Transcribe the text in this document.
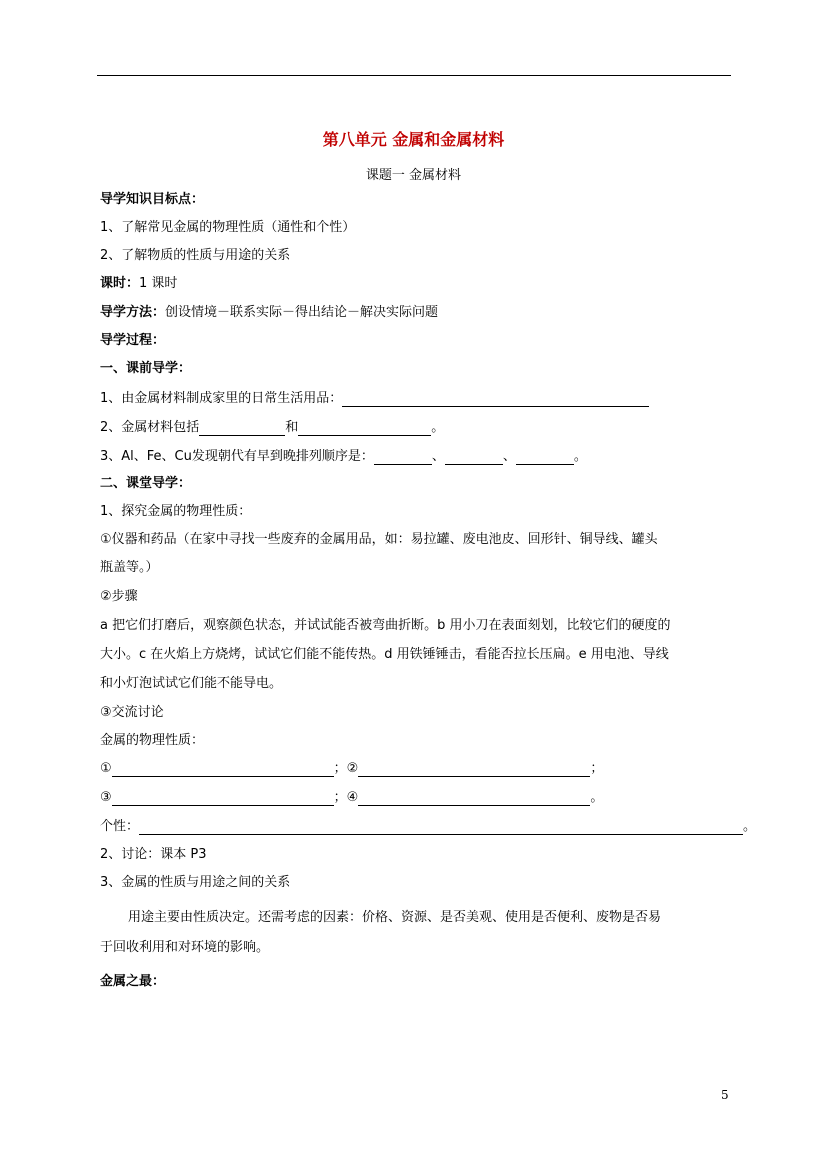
第八单元 金属和金属材料
课题一 金属材料
导学知识目标点：
1、了解常见金属的物理性质（通性和个性）
2、了解物质的性质与用途的关系
课时：1 课时
导学方法：创设情境－联系实际－得出结论－解决实际问题
导学过程：
一、课前导学：
1、由金属材料制成家里的日常生活用品：
2、金属材料包括	和	。
3、Al、Fe、Cu发现朝代有早到晚排列顺序是：	、	、	。
二、课堂导学：
1、探究金属的物理性质：
①仪器和药品（在家中寻找一些废弃的金属用品，如：易拉罐、废电池皮、回形针、铜导线、罐头
瓶盖等。）
②步骤
a 把它们打磨后，观察颜色状态，并试试能否被弯曲折断。b 用小刀在表面刻划，比较它们的硬度的
大小。c 在火焰上方烧烤，试试它们能不能传热。d 用铁锤锤击，看能否拉长压扁。e 用电池、导线
和小灯泡试试它们能不能导电。
③交流讨论
金属的物理性质：
①	；②	；
③	；④	。
个性：	。
2、讨论：课本 P3
3、金属的性质与用途之间的关系
用途主要由性质决定。还需考虑的因素：价格、资源、是否美观、使用是否便利、废物是否易
于回收利用和对环境的影响。
金属之最：
5
